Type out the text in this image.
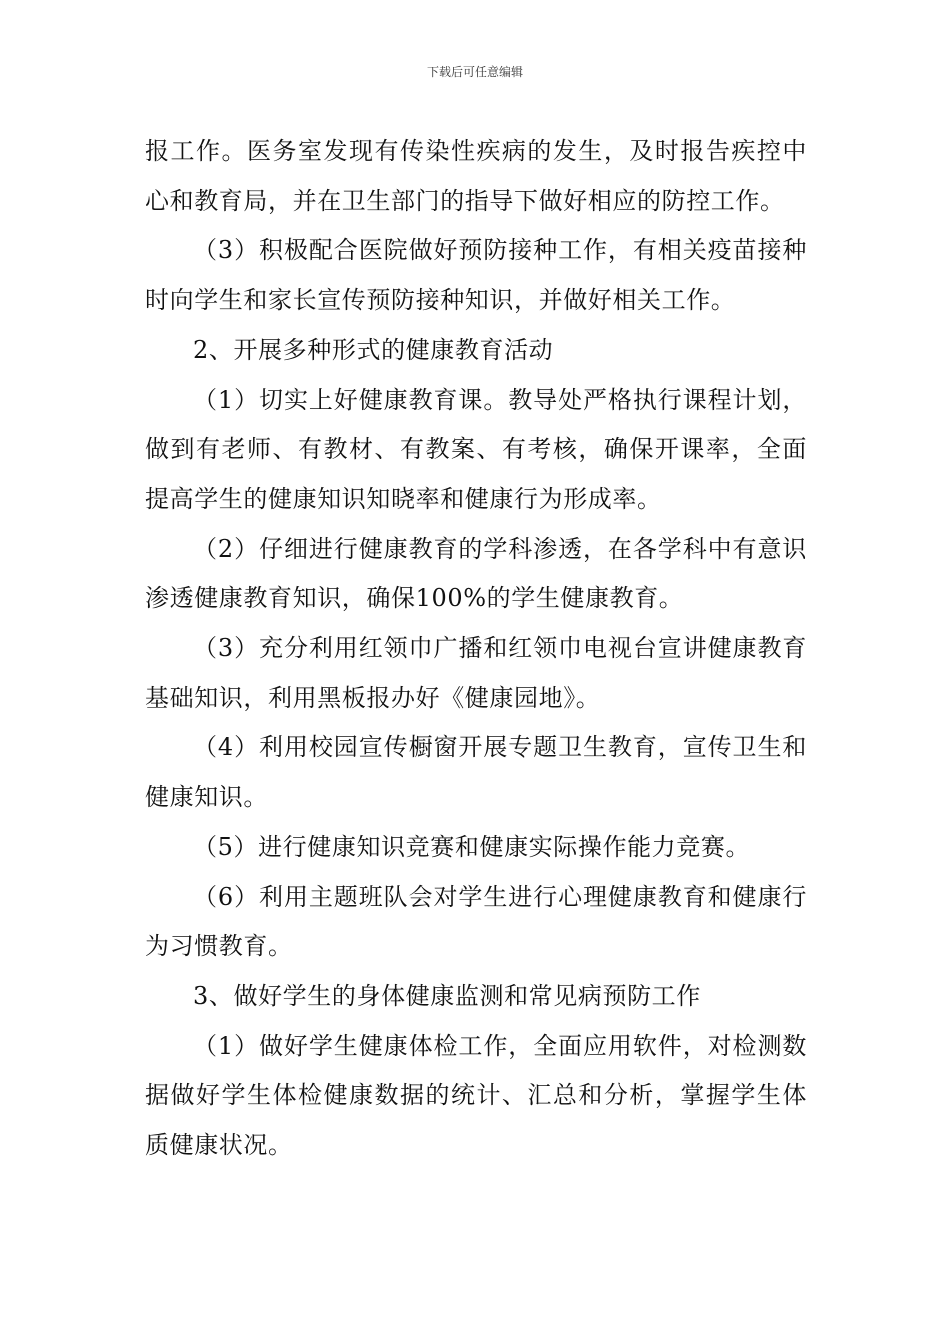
下载后可任意编辑

报工作。医务室发现有传染性疾病的发生，及时报告疾控中心和教育局，并在卫生部门的指导下做好相应的防控工作。

（3）积极配合医院做好预防接种工作，有相关疫苗接种时向学生和家长宣传预防接种知识，并做好相关工作。

2、开展多种形式的健康教育活动

（1）切实上好健康教育课。教导处严格执行课程计划，做到有老师、有教材、有教案、有考核，确保开课率，全面提高学生的健康知识知晓率和健康行为形成率。

（2）仔细进行健康教育的学科渗透，在各学科中有意识渗透健康教育知识，确保100%的学生健康教育。

（3）充分利用红领巾广播和红领巾电视台宣讲健康教育基础知识，利用黑板报办好《健康园地》。

（4）利用校园宣传橱窗开展专题卫生教育，宣传卫生和健康知识。

（5）进行健康知识竞赛和健康实际操作能力竞赛。

（6）利用主题班队会对学生进行心理健康教育和健康行为习惯教育。

3、做好学生的身体健康监测和常见病预防工作

（1）做好学生健康体检工作，全面应用软件，对检测数据做好学生体检健康数据的统计、汇总和分析，掌握学生体质健康状况。
